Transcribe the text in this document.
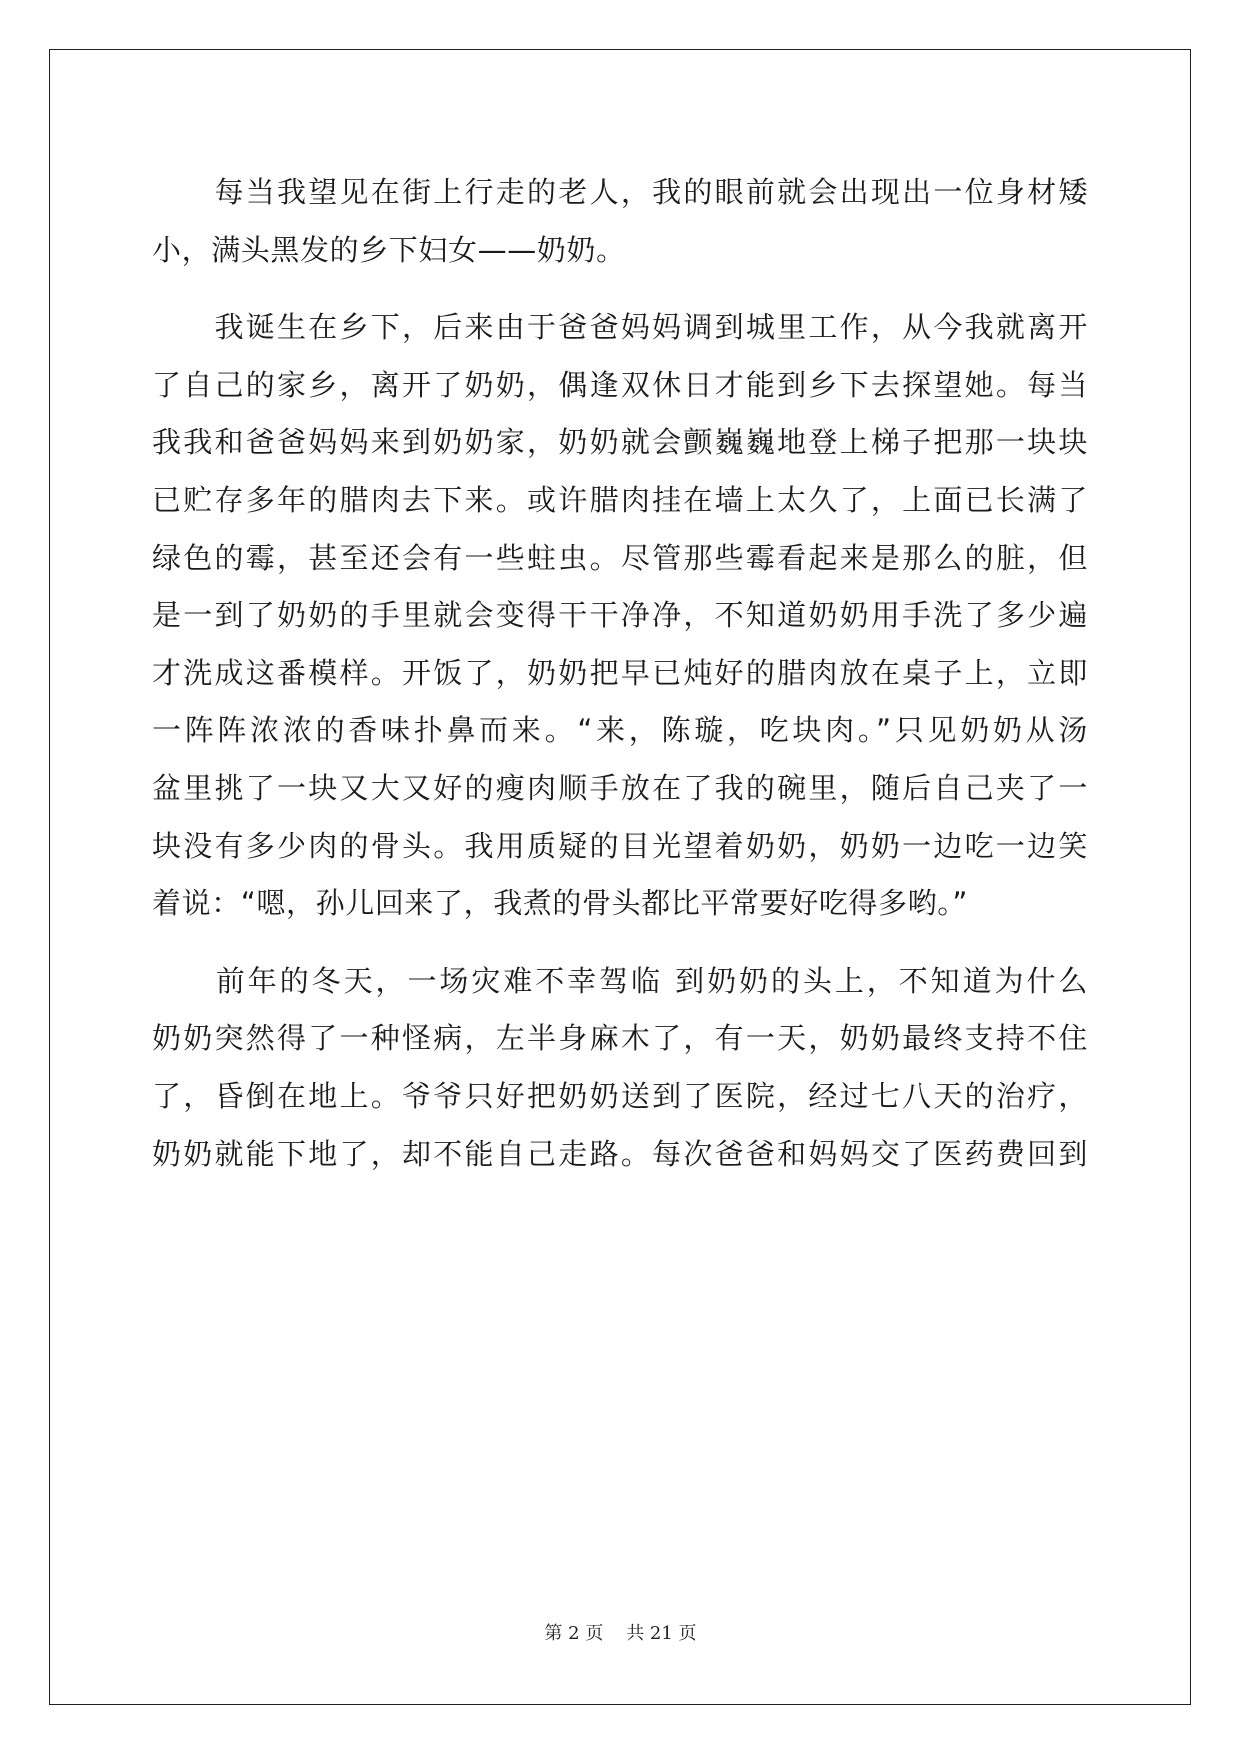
　　每当我望见在街上行走的老人，我的眼前就会出现出一位身材矮
小，满头黑发的乡下妇女——奶奶。
　　我诞生在乡下，后来由于爸爸妈妈调到城里工作，从今我就离开
了自己的家乡，离开了奶奶，偶逢双休日才能到乡下去探望她。每当
我我和爸爸妈妈来到奶奶家，奶奶就会颤巍巍地登上梯子把那一块块
已贮存多年的腊肉去下来。或许腊肉挂在墙上太久了，上面已长满了
绿色的霉，甚至还会有一些蛀虫。尽管那些霉看起来是那么的脏，但
是一到了奶奶的手里就会变得干干净净，不知道奶奶用手洗了多少遍
才洗成这番模样。开饭了，奶奶把早已炖好的腊肉放在桌子上，立即
一阵阵浓浓的香味扑鼻而来。“来，陈璇，吃块肉。”只见奶奶从汤
盆里挑了一块又大又好的瘦肉顺手放在了我的碗里，随后自己夹了一
块没有多少肉的骨头。我用质疑的目光望着奶奶，奶奶一边吃一边笑
着说：“嗯，孙儿回来了，我煮的骨头都比平常要好吃得多哟。”
　　前年的冬天，一场灾难不幸驾临 到奶奶的头上，不知道为什么
奶奶突然得了一种怪病，左半身麻木了，有一天，奶奶最终支持不住
了，昏倒在地上。爷爷只好把奶奶送到了医院，经过七八天的治疗，
奶奶就能下地了，却不能自己走路。每次爸爸和妈妈交了医药费回到
第 2 页    共 21 页
